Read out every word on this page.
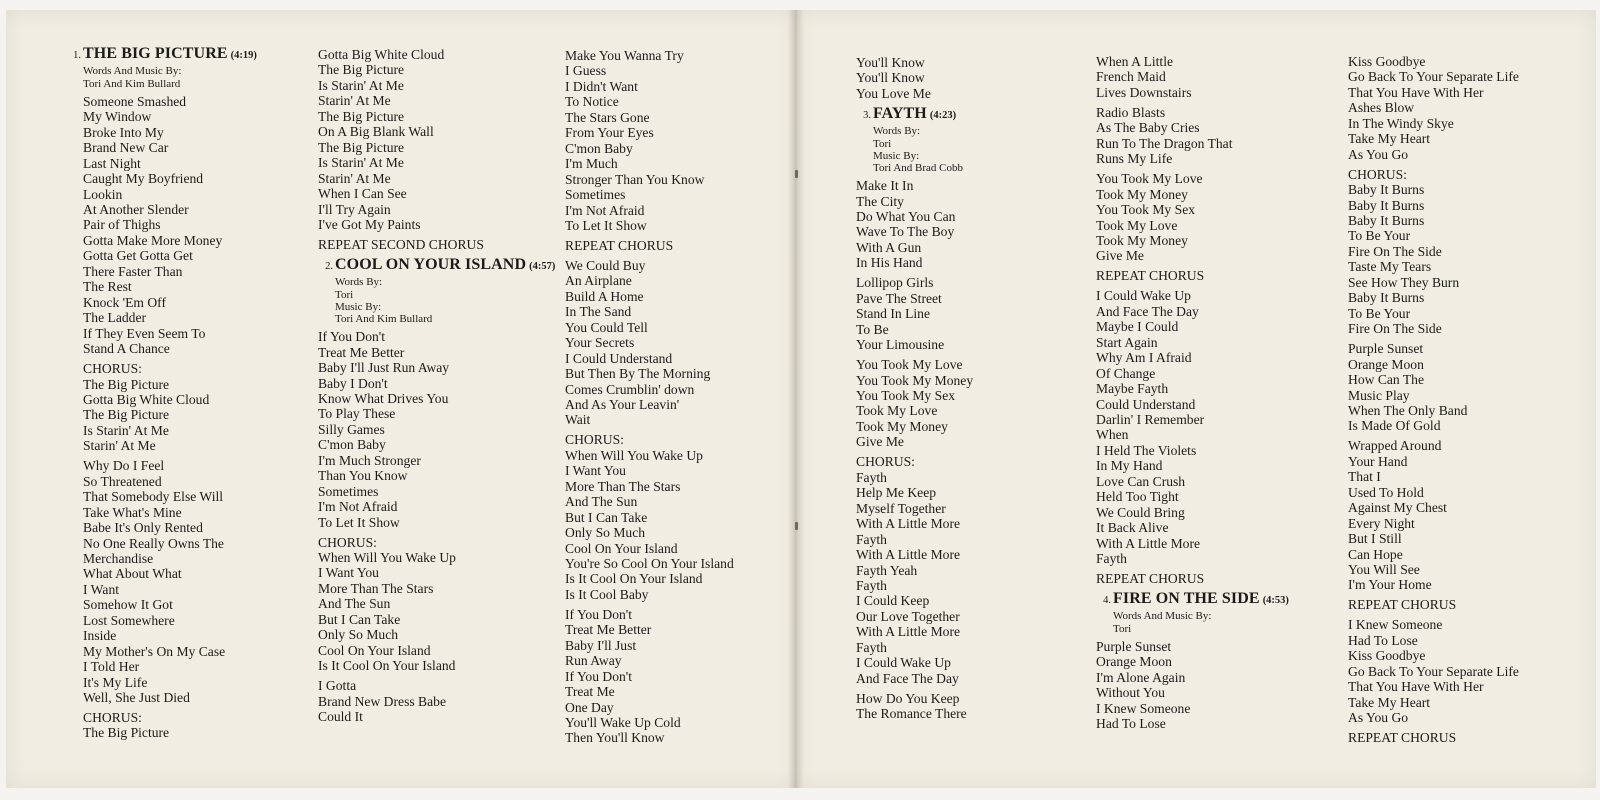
1. THE BIG PICTURE (4:19)
Words And Music By:
Tori And Kim Bullard
Someone Smashed
My Window
Broke Into My
Brand New Car
Last Night
Caught My Boyfriend
Lookin
At Another Slender
Pair of Thighs
Gotta Make More Money
Gotta Get Gotta Get
There Faster Than
The Rest
Knock 'Em Off
The Ladder
If They Even Seem To
Stand A Chance
CHORUS:
The Big Picture
Gotta Big White Cloud
The Big Picture
Is Starin' At Me
Starin' At Me
Why Do I Feel
So Threatened
That Somebody Else Will
Take What's Mine
Babe It's Only Rented
No One Really Owns The
Merchandise
What About What
I Want
Somehow It Got
Lost Somewhere
Inside
My Mother's On My Case
I Told Her
It's My Life
Well, She Just Died
CHORUS:
The Big Picture
Gotta Big White Cloud
The Big Picture
Is Starin' At Me
Starin' At Me
The Big Picture
On A Big Blank Wall
The Big Picture
Is Starin' At Me
Starin' At Me
When I Can See
I'll Try Again
I've Got My Paints
REPEAT SECOND CHORUS
2. COOL ON YOUR ISLAND (4:57)
Words By:
Tori
Music By:
Tori And Kim Bullard
If You Don't
Treat Me Better
Baby I'll Just Run Away
Baby I Don't
Know What Drives You
To Play These
Silly Games
C'mon Baby
I'm Much Stronger
Than You Know
Sometimes
I'm Not Afraid
To Let It Show
CHORUS:
When Will You Wake Up
I Want You
More Than The Stars
And The Sun
But I Can Take
Only So Much
Cool On Your Island
Is It Cool On Your Island
I Gotta
Brand New Dress Babe
Could It
Make You Wanna Try
I Guess
I Didn't Want
To Notice
The Stars Gone
From Your Eyes
C'mon Baby
I'm Much
Stronger Than You Know
Sometimes
I'm Not Afraid
To Let It Show
REPEAT CHORUS
We Could Buy
An Airplane
Build A Home
In The Sand
You Could Tell
Your Secrets
I Could Understand
But Then By The Morning
Comes Crumblin' down
And As Your Leavin'
Wait
CHORUS:
When Will You Wake Up
I Want You
More Than The Stars
And The Sun
But I Can Take
Only So Much
Cool On Your Island
You're So Cool On Your Island
Is It Cool On Your Island
Is It Cool Baby
If You Don't
Treat Me Better
Baby I'll Just
Run Away
If You Don't
Treat Me
One Day
You'll Wake Up Cold
Then You'll Know
You'll Know
You'll Know
You Love Me
3. FAYTH (4:23)
Words By:
Tori
Music By:
Tori And Brad Cobb
Make It In
The City
Do What You Can
Wave To The Boy
With A Gun
In His Hand
Lollipop Girls
Pave The Street
Stand In Line
To Be
Your Limousine
You Took My Love
You Took My Money
You Took My Sex
Took My Love
Took My Money
Give Me
CHORUS:
Fayth
Help Me Keep
Myself Together
With A Little More
Fayth
With A Little More
Fayth Yeah
Fayth
I Could Keep
Our Love Together
With A Little More
Fayth
I Could Wake Up
And Face The Day
How Do You Keep
The Romance There
When A Little
French Maid
Lives Downstairs
Radio Blasts
As The Baby Cries
Run To The Dragon That
Runs My Life
You Took My Love
Took My Money
You Took My Sex
Took My Love
Took My Money
Give Me
REPEAT CHORUS
I Could Wake Up
And Face The Day
Maybe I Could
Start Again
Why Am I Afraid
Of Change
Maybe Fayth
Could Understand
Darlin' I Remember
When
I Held The Violets
In My Hand
Love Can Crush
Held Too Tight
We Could Bring
It Back Alive
With A Little More
Fayth
REPEAT CHORUS
4. FIRE ON THE SIDE (4:53)
Words And Music By:
Tori
Purple Sunset
Orange Moon
I'm Alone Again
Without You
I Knew Someone
Had To Lose
Kiss Goodbye
Go Back To Your Separate Life
That You Have With Her
Ashes Blow
In The Windy Skye
Take My Heart
As You Go
CHORUS:
Baby It Burns
Baby It Burns
Baby It Burns
To Be Your
Fire On The Side
Taste My Tears
See How They Burn
Baby It Burns
To Be Your
Fire On The Side
Purple Sunset
Orange Moon
How Can The
Music Play
When The Only Band
Is Made Of Gold
Wrapped Around
Your Hand
That I
Used To Hold
Against My Chest
Every Night
But I Still
Can Hope
You Will See
I'm Your Home
REPEAT CHORUS
I Knew Someone
Had To Lose
Kiss Goodbye
Go Back To Your Separate Life
That You Have With Her
Take My Heart
As You Go
REPEAT CHORUS
